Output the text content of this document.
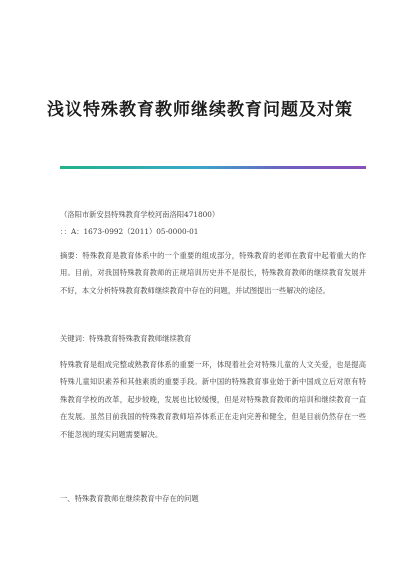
浅议特殊教育教师继续教育问题及对策
（洛阳市新安县特殊教育学校河南洛阳471800）
：：A：1673-0992（2011）05-0000-01
摘要：特殊教育是教育体系中的一个重要的组成部分，特殊教育的老师在教育中起着重大的作用。目前，对我国特殊教育教师的正规培训历史并不是很长，特殊教育教师的继续教育发展并不好，本文分析特殊教育教师继续教育中存在的问题，并试图提出一些解决的途径。
关键词：特殊教育特殊教育教师继续教育
特殊教育是组成完整或熟教育体系的重要一环，体现着社会对特殊儿童的人文关爱，也是提高特殊儿童知识素养和其他素质的重要手段。新中国的特殊教育事业始于新中国成立后对原有特殊教育学校的改革，起步较晚，发展也比较缓慢，但是对特殊教育教师的培训和继续教育一直在发展。虽然目前我国的特殊教育教师培养体系正在走向完善和健全，但是目前仍然存在一些不能忽视的现实问题需要解决。
一、特殊教育教师在继续教育中存在的问题
